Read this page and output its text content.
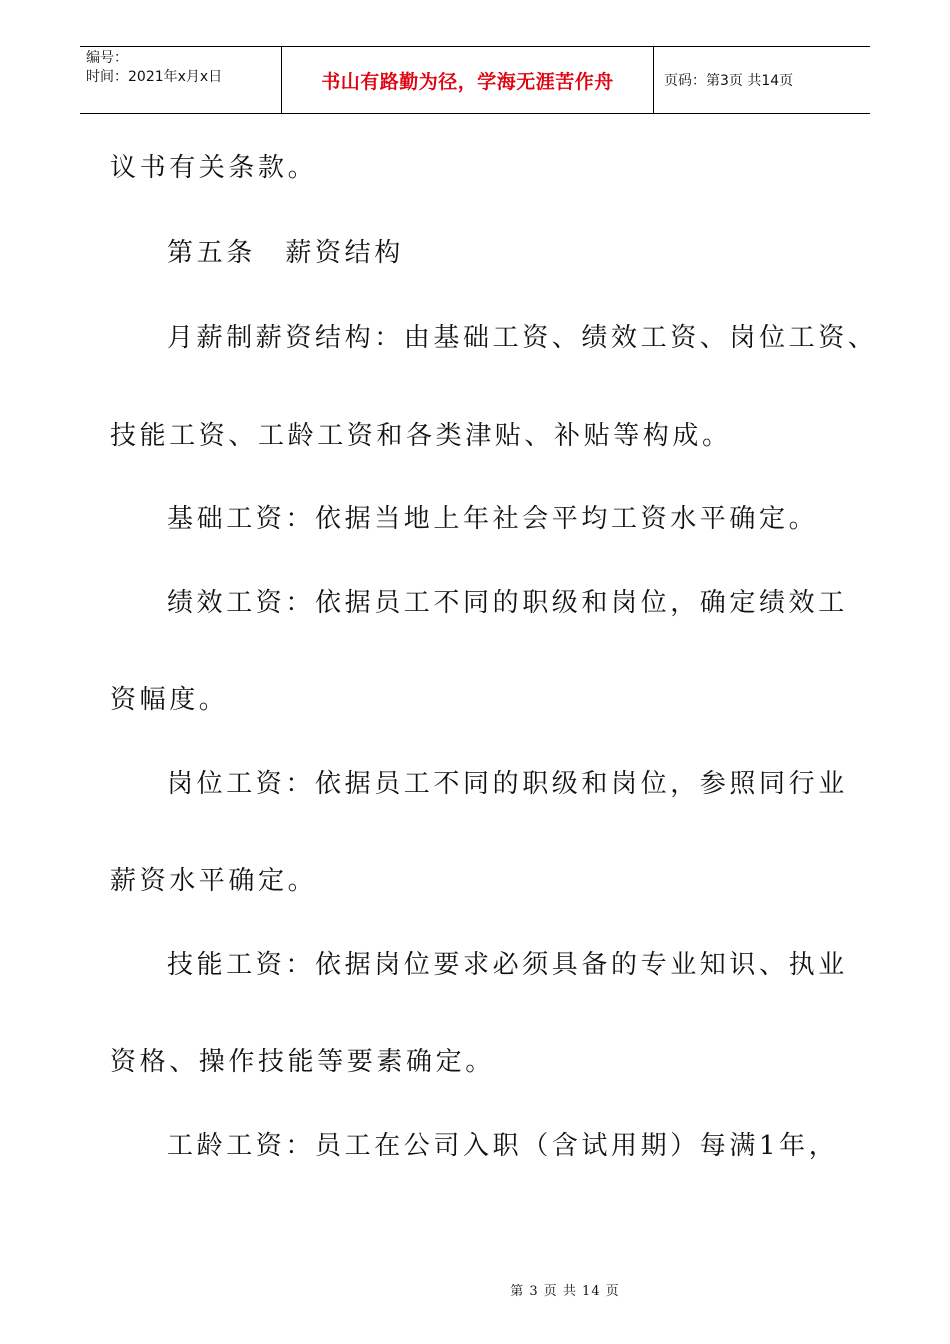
编号：
时间：2021年x月x日	书山有路勤为径，学海无涯苦作舟	页码：第3页 共14页
议书有关条款。
第五条　薪资结构
月薪制薪资结构：由基础工资、绩效工资、岗位工资、
技能工资、工龄工资和各类津贴、补贴等构成。
基础工资：依据当地上年社会平均工资水平确定。
绩效工资：依据员工不同的职级和岗位，确定绩效工
资幅度。
岗位工资：依据员工不同的职级和岗位，参照同行业
薪资水平确定。
技能工资：依据岗位要求必须具备的专业知识、执业
资格、操作技能等要素确定。
工龄工资：员工在公司入职（含试用期）每满1年，
第 3 页 共 14 页
